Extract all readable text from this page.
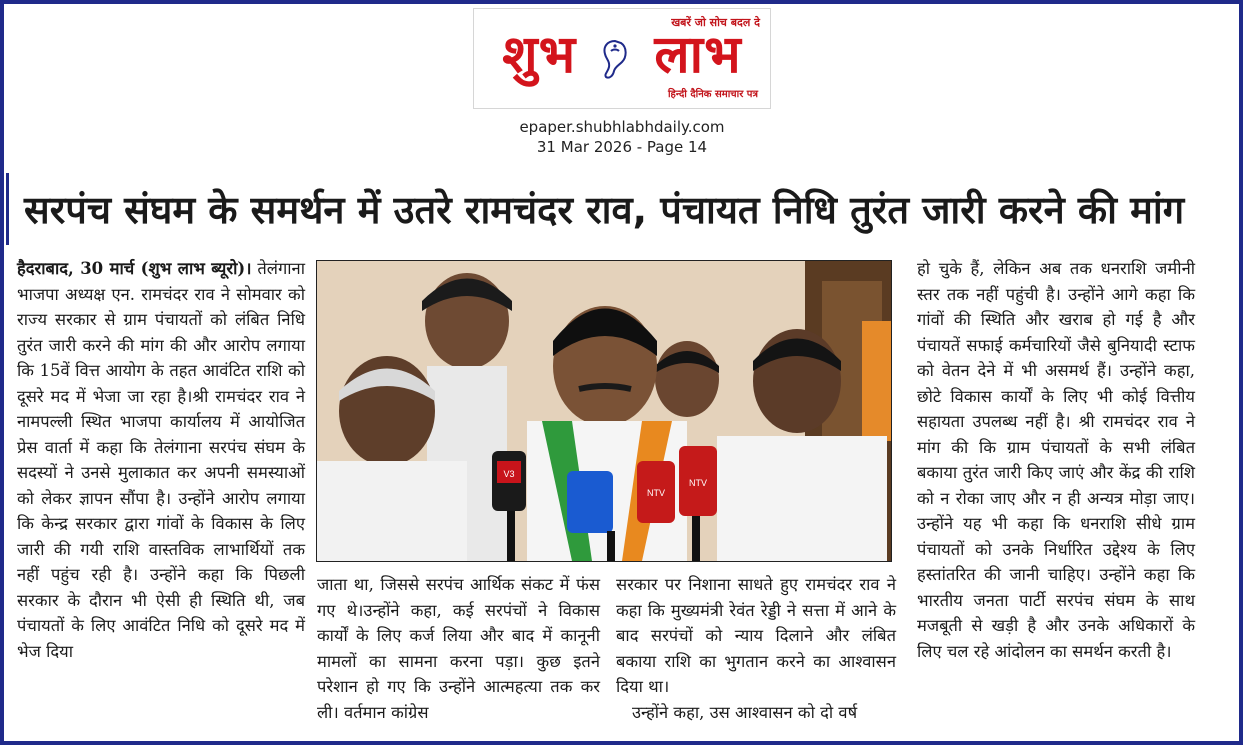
खबरें जो सोच बदल दे
शुभ लाभ
हिन्दी दैनिक समाचार पत्र
epaper.shubhlabhdaily.com
31 Mar 2026 - Page 14
सरपंच संघम के समर्थन में उतरे रामचंदर राव, पंचायत निधि तुरंत जारी करने की मांग
हैदराबाद, 30 मार्च (शुभ लाभ ब्यूरो)। तेलंगाना भाजपा अध्यक्ष एन. रामचंदर राव ने सोमवार को राज्य सरकार से ग्राम पंचायतों को लंबित निधि तुरंत जारी करने की मांग की और आरोप लगाया कि 15वें वित्त आयोग के तहत आवंटित राशि को दूसरे मद में भेजा जा रहा है।श्री रामचंदर राव ने नामपल्ली स्थित भाजपा कार्यालय में आयोजित प्रेस वार्ता में कहा कि तेलंगाना सरपंच संघम के सदस्यों ने उनसे मुलाकात कर अपनी समस्याओं को लेकर ज्ञापन सौंपा है। उन्होंने आरोप लगाया कि केन्द्र सरकार द्वारा गांवों के विकास के लिए जारी की गयी राशि वास्तविक लाभार्थियों तक नहीं पहुंच रही है। उन्होंने कहा कि पिछली सरकार के दौरान भी ऐसी ही स्थिति थी, जब पंचायतों के लिए आवंटित निधि को दूसरे मद में भेज दिया
V3
NTV
NTV
जाता था, जिससे सरपंच आर्थिक संकट में फंस गए थे।उन्होंने कहा, कई सरपंचों ने विकास कार्यों के लिए कर्ज लिया और बाद में कानूनी मामलों का सामना करना पड़ा। कुछ इतने परेशान हो गए कि उन्होंने आत्महत्या तक कर ली। वर्तमान कांग्रेस
सरकार पर निशाना साधते हुए रामचंदर राव ने कहा कि मुख्यमंत्री रेवंत रेड्डी ने सत्ता में आने के बाद सरपंचों को न्याय दिलाने और लंबित बकाया राशि का भुगतान करने का आश्वासन दिया था।
उन्होंने कहा, उस आश्वासन को दो वर्ष
हो चुके हैं, लेकिन अब तक धनराशि जमीनी स्तर तक नहीं पहुंची है। उन्होंने आगे कहा कि गांवों की स्थिति और खराब हो गई है और पंचायतें सफाई कर्मचारियों जैसे बुनियादी स्टाफ को वेतन देने में भी असमर्थ हैं। उन्होंने कहा, छोटे विकास कार्यों के लिए भी कोई वित्तीय सहायता उपलब्ध नहीं है। श्री रामचंदर राव ने मांग की कि ग्राम पंचायतों के सभी लंबित बकाया तुरंत जारी किए जाएं और केंद्र की राशि को न रोका जाए और न ही अन्यत्र मोड़ा जाए। उन्होंने यह भी कहा कि धनराशि सीधे ग्राम पंचायतों को उनके निर्धारित उद्देश्य के लिए हस्तांतरित की जानी चाहिए। उन्होंने कहा कि भारतीय जनता पार्टी सरपंच संघम के साथ मजबूती से खड़ी है और उनके अधिकारों के लिए चल रहे आंदोलन का समर्थन करती है।
